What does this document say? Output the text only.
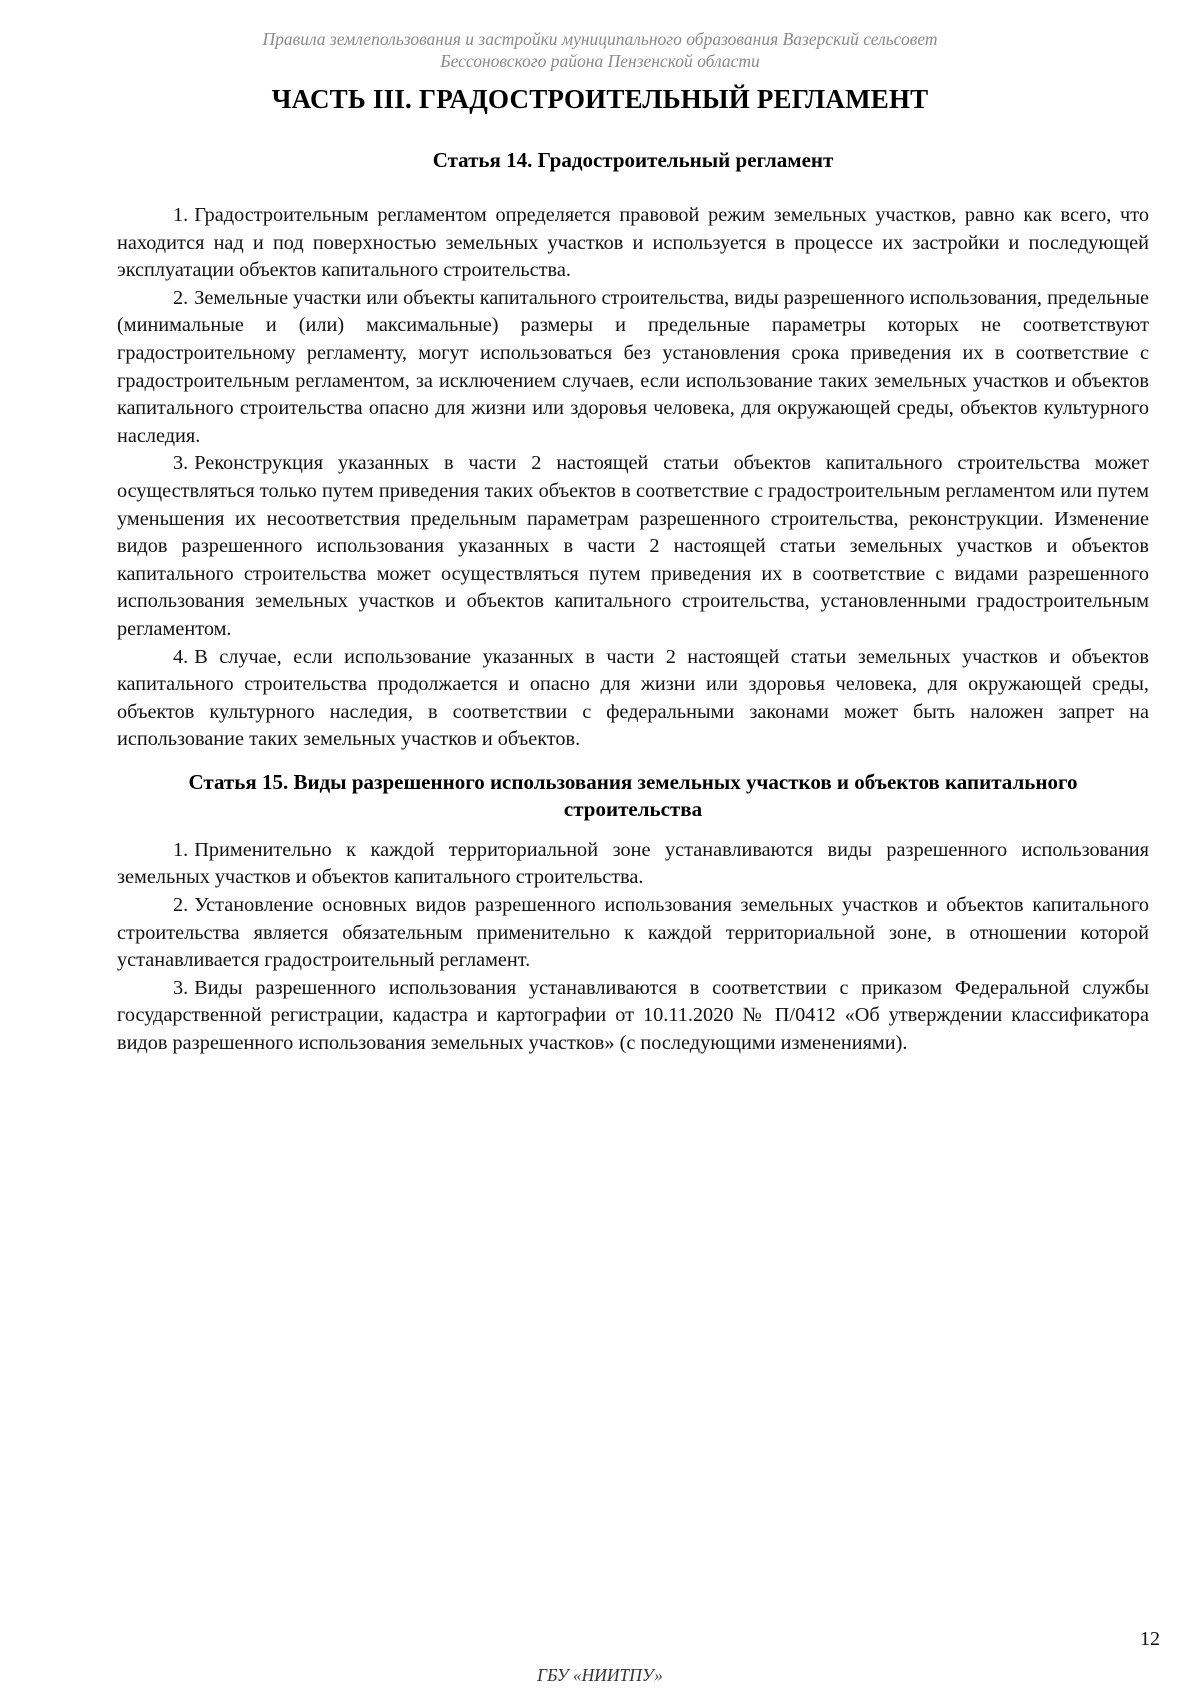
Правила землепользования и застройки муниципального образования Вазерский сельсовет
Бессоновского района Пензенской области
ЧАСТЬ III. ГРАДОСТРОИТЕЛЬНЫЙ РЕГЛАМЕНТ
Статья 14. Градостроительный регламент

1. Градостроительным регламентом определяется правовой режим земельных участков, равно как всего, что находится над и под поверхностью земельных участков и используется в процессе их застройки и последующей эксплуатации объектов капитального строительства.

2. Земельные участки или объекты капитального строительства, виды разрешенного использования, предельные (минимальные и (или) максимальные) размеры и предельные параметры которых не соответствуют градостроительному регламенту, могут использоваться без установления срока приведения их в соответствие с градостроительным регламентом, за исключением случаев, если использование таких земельных участков и объектов капитального строительства опасно для жизни или здоровья человека, для окружающей среды, объектов культурного наследия.

3. Реконструкция указанных в части 2 настоящей статьи объектов капитального строительства может осуществляться только путем приведения таких объектов в соответствие с градостроительным регламентом или путем уменьшения их несоответствия предельным параметрам разрешенного строительства, реконструкции. Изменение видов разрешенного использования указанных в части 2 настоящей статьи земельных участков и объектов капитального строительства может осуществляться путем приведения их в соответствие с видами разрешенного использования земельных участков и объектов капитального строительства, установленными градостроительным регламентом.

4. В случае, если использование указанных в части 2 настоящей статьи земельных участков и объектов капитального строительства продолжается и опасно для жизни или здоровья человека, для окружающей среды, объектов культурного наследия, в соответствии с федеральными законами может быть наложен запрет на использование таких земельных участков и объектов.

Статья 15. Виды разрешенного использования земельных участков и объектов капитального строительства

1. Применительно к каждой территориальной зоне устанавливаются виды разрешенного использования земельных участков и объектов капитального строительства.

2. Установление основных видов разрешенного использования земельных участков и объектов капитального строительства является обязательным применительно к каждой территориальной зоне, в отношении которой устанавливается градостроительный регламент.

3. Виды разрешенного использования устанавливаются в соответствии с приказом Федеральной службы государственной регистрации, кадастра и картографии от 10.11.2020 № П/0412 «Об утверждении классификатора видов разрешенного использования земельных участков» (с последующими изменениями).

12
ГБУ «НИИТПУ»
